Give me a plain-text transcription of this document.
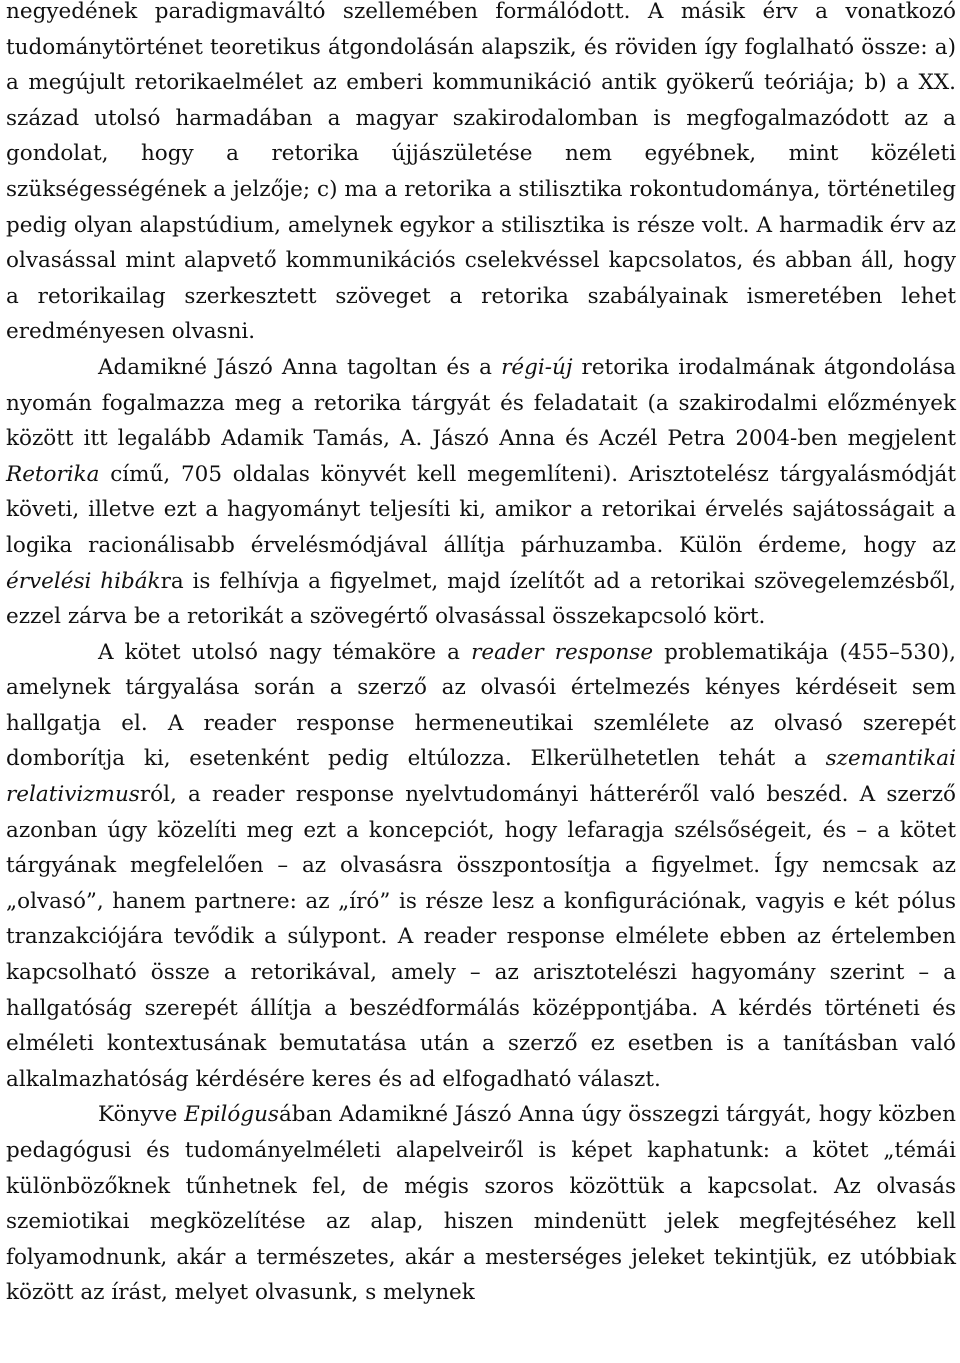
negyedének paradigmaváltó szellemében formálódott. A másik érv a vonatkozó tudománytörténet teoretikus átgondolásán alapszik, és röviden így foglalható össze: a) a megújult retorikaelmélet az emberi kommunikáció antik gyökerű teóriája; b) a XX. század utolsó harmadában a magyar szakirodalomban is megfogalmazódott az a gondolat, hogy a retorika újjászületése nem egyébnek, mint közéleti szükségességének a jelzője; c) ma a retorika a stilisztika rokontudománya, történetileg pedig olyan alapstúdium, amelynek egykor a stilisztika is része volt. A harmadik érv az olvasással mint alapvető kommunikációs cselekvéssel kapcsolatos, és abban áll, hogy a retorikailag szerkesztett szöveget a retorika szabályainak ismeretében lehet eredményesen olvasni.

Adamikné Jászó Anna tagoltan és a régi-új retorika irodalmának átgondolása nyomán fogalmazza meg a retorika tárgyát és feladatait (a szakirodalmi előzmények között itt legalább Adamik Tamás, A. Jászó Anna és Aczél Petra 2004-ben megjelent Retorika című, 705 oldalas könyvét kell megemlíteni). Arisztotelész tárgyalásmódját követi, illetve ezt a hagyományt teljesíti ki, amikor a retorikai érvelés sajátosságait a logika racionálisabb érvelésmódjával állítja párhuzamba. Külön érdeme, hogy az érvelési hibákra is felhívja a figyelmet, majd ízelítőt ad a retorikai szövegelemzésből, ezzel zárva be a retorikát a szövegértő olvasással összekapcsoló kört.

A kötet utolsó nagy témaköre a reader response problematikája (455–530), amelynek tárgyalása során a szerző az olvasói értelmezés kényes kérdéseit sem hallgatja el. A reader response hermeneutikai szemlélete az olvasó szerepét domborítja ki, esetenként pedig eltúlozza. Elkerülhetetlen tehát a szemantikai relativizmusról, a reader response nyelvtudományi hátteréről való beszéd. A szerző azonban úgy közelíti meg ezt a koncepciót, hogy lefaragja szélsőségeit, és – a kötet tárgyának megfelelően – az olvasásra összpontosítja a figyelmet. Így nemcsak az „olvasó”, hanem partnere: az „író” is része lesz a konfigurációnak, vagyis e két pólus tranzakciójára tevődik a súlypont. A reader response elmélete ebben az értelemben kapcsolható össze a retorikával, amely – az arisztotelészi hagyomány szerint – a hallgatóság szerepét állítja a beszédformálás középpontjába. A kérdés történeti és elméleti kontextusának bemutatása után a szerző ez esetben is a tanításban való alkalmazhatóság kérdésére keres és ad elfogadható választ.

Könyve Epilógusában Adamikné Jászó Anna úgy összegzi tárgyát, hogy közben pedagógusi és tudományelméleti alapelveiről is képet kaphatunk: a kötet „témái különbözőknek tűnhetnek fel, de mégis szoros közöttük a kapcsolat. Az olvasás szemiotikai megközelítése az alap, hiszen mindenütt jelek megfejtéséhez kell folyamodnunk, akár a természetes, akár a mesterséges jeleket tekintjük, ez utóbbiak között az írást, melyet olvasunk, s melynek
